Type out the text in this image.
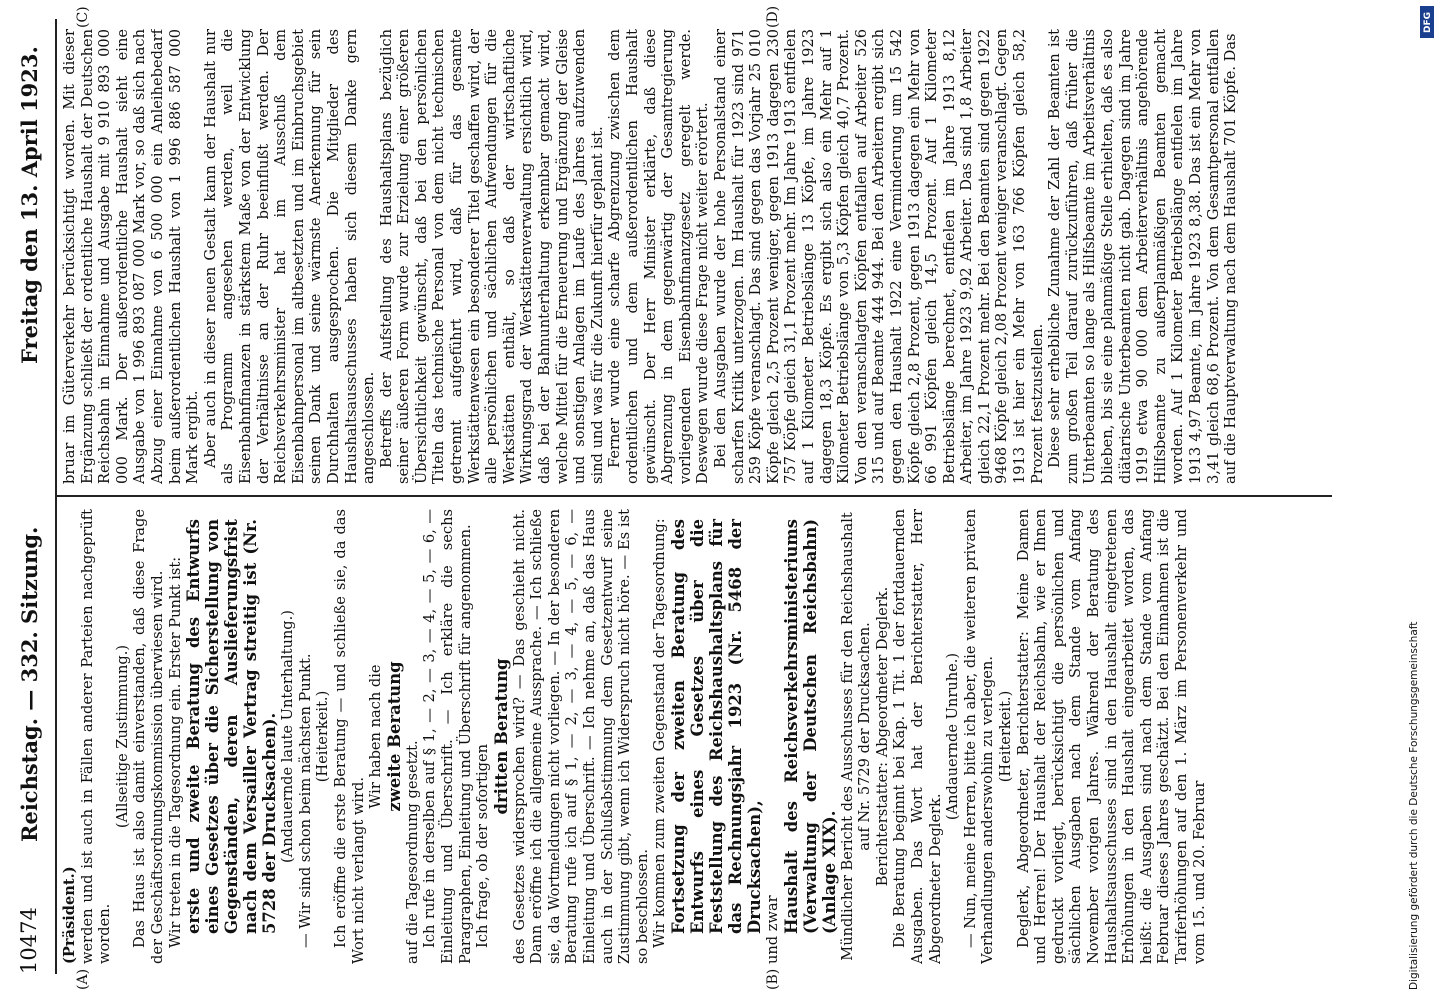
10474
Reichstag. — 332. Sitzung.
Freitag den 13. April 1923.
(A)	(B)
(C)	(D)

(Präsident.) werden und ist auch in Fällen anderer Parteien nachgeprüft worden.

(Allseitige Zustimmung.) Das Haus ist also damit einverstanden, daß diese Frage der Geschäftsordnungskommission überwiesen wird. Wir treten in die Tagesordnung ein. Erster Punkt ist: erste und zweite Beratung des Entwurfs eines Gesetzes über die Sicherstellung von Gegenständen, deren Auslieferungsfrist nach dem Versailler Vertrag streitig ist (Nr. 5728 der Drucksachen). (Andauernde laute Unterhaltung.) — Wir sind schon beim nächsten Punkt. (Heiterkeit.) Ich eröffne die erste Beratung — und schließe sie, da das Wort nicht verlangt wird.

Wir haben nach die zweite Beratung

auf die Tagesordnung gesetzt. Ich rufe in derselben auf § 1, — 2, — 3, — 4, — 5, — 6, — Einleitung und Überschrift. — Ich erkläre die sechs Paragraphen, Einleitung und Überschrift für angenommen. Ich frage, ob der sofortigen

dritten Beratung des Gesetzes widersprochen wird? — Das geschieht nicht. Dann eröffne ich die allgemeine Aussprache. — Ich schließe sie, da Wortmeldungen nicht vorliegen. — In der besonderen Beratung rufe ich auf § 1, — 2, — 3, — 4, — 5, — 6, — Einleitung und Überschrift. — Ich nehme an, daß das Haus auch in der Schlußabstimmung dem Gesetzentwurf seine Zustimmung gibt, wenn ich Widerspruch nicht höre. — Es ist so beschlossen. Wir kommen zum zweiten Gegenstand der Tagesordnung: Fortsetzung der zweiten Beratung des Entwurfs eines Gesetzes über die Feststellung des Reichshaushaltsplans für das Rechnungsjahr 1923 (Nr. 5468 der Drucksachen), und zwar Haushalt des Reichsverkehrsministeriums (Verwaltung der Deutschen Reichsbahn) (Anlage XIX). Mündlicher Bericht des Ausschusses für den Reichshaushalt auf Nr. 5729 der Drucksachen. Berichterstatter: Abgeordneter Deglerk. Die Beratung beginnt bei Kap. 1 Tit. 1 der fortdauernden Ausgaben. Das Wort hat der Berichterstatter, Herr Abgeordneter Deglerk.

(Andauernde Unruhe.) — Nun, meine Herren, bitte ich aber, die weiteren privaten Verhandlungen anderswohin zu verlegen. (Heiterkeit.) Deglerk, Abgeordneter, Berichterstatter: Meine Damen und Herren! Der Haushalt der Reichsbahn, wie er Ihnen gedruckt vorliegt, berücksichtigt die persönlichen und sächlichen Ausgaben nach dem Stande vom Anfang November vorigen Jahres. Während der Beratung des Haushaltsausschusses sind in den Haushalt eingetretenen Erhöhungen in den Haushalt eingearbeitet worden, das heißt: die Ausgaben sind nach dem Stande vom Anfang Februar dieses Jahres geschätzt. Bei den Einnahmen ist die Tariferhöhungen auf den 1. März im Personenverkehr und vom 15. und 20. Februar

bruar im Güterverkehr berücksichtigt worden. Mit dieser Ergänzung schließt der ordentliche Haushalt der Deutschen Reichsbahn in Einnahme und Ausgabe mit 9 910 893 000 000 Mark. Der außerordentliche Haushalt sieht eine Ausgabe von 1 996 893 087 000 Mark vor, so daß sich nach Abzug einer Einnahme von 6 500 000 ein Anleihebedarf beim außerordentlichen Haushalt von 1 996 886 587 000 Mark ergibt. Aber auch in dieser neuen Gestalt kann der Haushalt nur als Programm angesehen werden, weil die Eisenbahnfinanzen in stärkstem Maße von der Entwicklung der Verhältnisse an der Ruhr beeinflußt werden. Der Reichsverkehrsminister hat im Ausschuß dem Eisenbahnpersonal im altbesetzten und im Einbruchsgebiet seinen Dank und seine wärmste Anerkennung für sein Durchhalten ausgesprochen. Die Mitglieder des Haushaltsausschusses haben sich diesem Danke gern angeschlossen. Betreffs der Aufstellung des Haushaltsplans bezüglich seiner äußeren Form wurde zur Erzielung einer größeren Übersichtlichkeit gewünscht, daß bei den persönlichen Titeln das technische Personal von dem nicht technischen getrennt aufgeführt wird, daß für das gesamte Werkstättenwesen ein besonderer Titel geschaffen wird, der alle persönlichen und sächlichen Aufwendungen für die Werkstätten enthält, so daß der wirtschaftliche Wirkungsgrad der Werkstättenverwaltung ersichtlich wird, daß bei der Bahnunterhaltung erkennbar gemacht wird, welche Mittel für die Erneuerung und Ergänzung der Gleise und sonstigen Anlagen im Laufe des Jahres aufzuwenden sind und was für die Zukunft hierfür geplant ist. Ferner wurde eine scharfe Abgrenzung zwischen dem ordentlichen und dem außerordentlichen Haushalt gewünscht. Der Herr Minister erklärte, daß diese Abgrenzung in dem gegenwärtig der Gesamtregierung vorliegenden Eisenbahnfinanzgesetz geregelt werde. Deswegen wurde diese Frage nicht weiter erörtert. Bei den Ausgaben wurde der hohe Personalstand einer scharfen Kritik unterzogen. Im Haushalt für 1923 sind 971 259 Köpfe veranschlagt. Das sind gegen das Vorjahr 25 010 Köpfe gleich 2,5 Prozent weniger, gegen 1913 dagegen 230 757 Köpfe gleich 31,1 Prozent mehr. Im Jahre 1913 entfielen auf 1 Kilometer Betriebslänge 13 Köpfe, im Jahre 1923 dagegen 18,3 Köpfe. Es ergibt sich also ein Mehr auf 1 Kilometer Betriebslänge von 5,3 Köpfen gleich 40,7 Prozent. Von den veranschlagten Köpfen entfallen auf Arbeiter 526 315 und auf Beamte 444 944. Bei den Arbeitern ergibt sich gegen den Haushalt 1922 eine Verminderung um 15 542 Köpfe gleich 2,8 Prozent, gegen 1913 dagegen ein Mehr von 66 991 Köpfen gleich 14,5 Prozent. Auf 1 Kilometer Betriebslänge berechnet, entfielen im Jahre 1913 8,12 Arbeiter, im Jahre 1923 9,92 Arbeiter. Das sind 1,8 Arbeiter gleich 22,1 Prozent mehr. Bei den Beamten sind gegen 1922 9468 Köpfe gleich 2,08 Prozent weniger veranschlagt. Gegen 1913 ist hier ein Mehr von 163 766 Köpfen gleich 58,2 Prozent festzustellen. Diese sehr erhebliche Zunahme der Zahl der Beamten ist zum großen Teil darauf zurückzuführen, daß früher die Unterbeamten so lange als Hilfsbeamte im Arbeitsverhältnis blieben, bis sie eine planmäßige Stelle erhielten, daß es also diätarische Unterbeamten nicht gab. Dagegen sind im Jahre 1919 etwa 90 000 dem Arbeiterverhältnis angehörende Hilfsbeamte zu außerplanmäßigen Beamten gemacht worden. Auf 1 Kilometer Betriebslänge entfielen im Jahre 1913 4,97 Beamte, im Jahre 1923 8,38. Das ist ein Mehr von 3,41 gleich 68,6 Prozent. Von dem Gesamtpersonal entfallen auf die Hauptverwaltung nach dem Haushalt 701 Köpfe. Das

Digitalisierung gefördert durch die Deutsche Forschungsgemeinschaft
DFG
